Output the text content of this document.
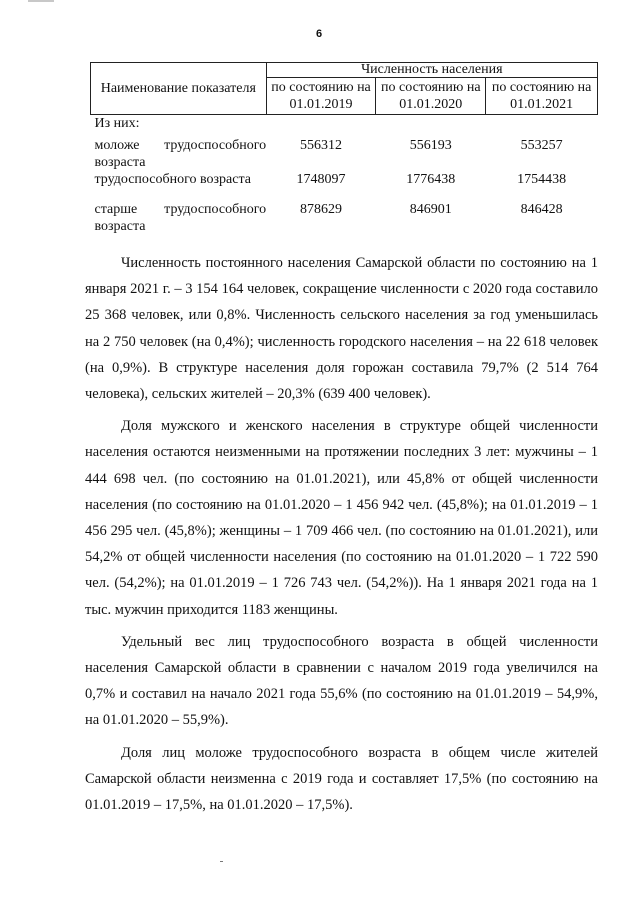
6
Наименование показателя	Численность населения		
	по состоянию на 01.01.2019	по состоянию на 01.01.2020	по состоянию на 01.01.2021
Из них:			
моложе трудоспособного возраста	556312	556193	553257
трудоспособного возраста	1748097	1776438	1754438
старше трудоспособного возраста	878629	846901	846428

Численность постоянного населения Самарской области по состоянию на 1 января 2021 г. – 3 154 164 человек, сокращение численности с 2020 года составило 25 368 человек, или 0,8%. Численность сельского населения за год уменьшилась на 2 750 человек (на 0,4%); численность городского населения – на 22 618 человек (на 0,9%). В структуре населения доля горожан составила 79,7% (2 514 764 человека), сельских жителей – 20,3% (639 400 человек).

Доля мужского и женского населения в структуре общей численности населения остаются неизменными на протяжении последних 3 лет: мужчины – 1 444 698 чел. (по состоянию на 01.01.2021), или 45,8% от общей численности населения (по состоянию на 01.01.2020 – 1 456 942 чел. (45,8%); на 01.01.2019 – 1 456 295 чел. (45,8%); женщины – 1 709 466 чел. (по состоянию на 01.01.2021), или 54,2% от общей численности населения (по состоянию на 01.01.2020 – 1 722 590 чел. (54,2%); на 01.01.2019 – 1 726 743 чел. (54,2%)). На 1 января 2021 года на 1 тыс. мужчин приходится 1183 женщины.

Удельный вес лиц трудоспособного возраста в общей численности населения Самарской области в сравнении с началом 2019 года увеличился на 0,7% и составил на начало 2021 года 55,6% (по состоянию на 01.01.2019 – 54,9%, на 01.01.2020 – 55,9%).

Доля лиц моложе трудоспособного возраста в общем числе жителей Самарской области неизменна с 2019 года и составляет 17,5% (по состоянию на 01.01.2019 – 17,5%, на 01.01.2020 – 17,5%).
